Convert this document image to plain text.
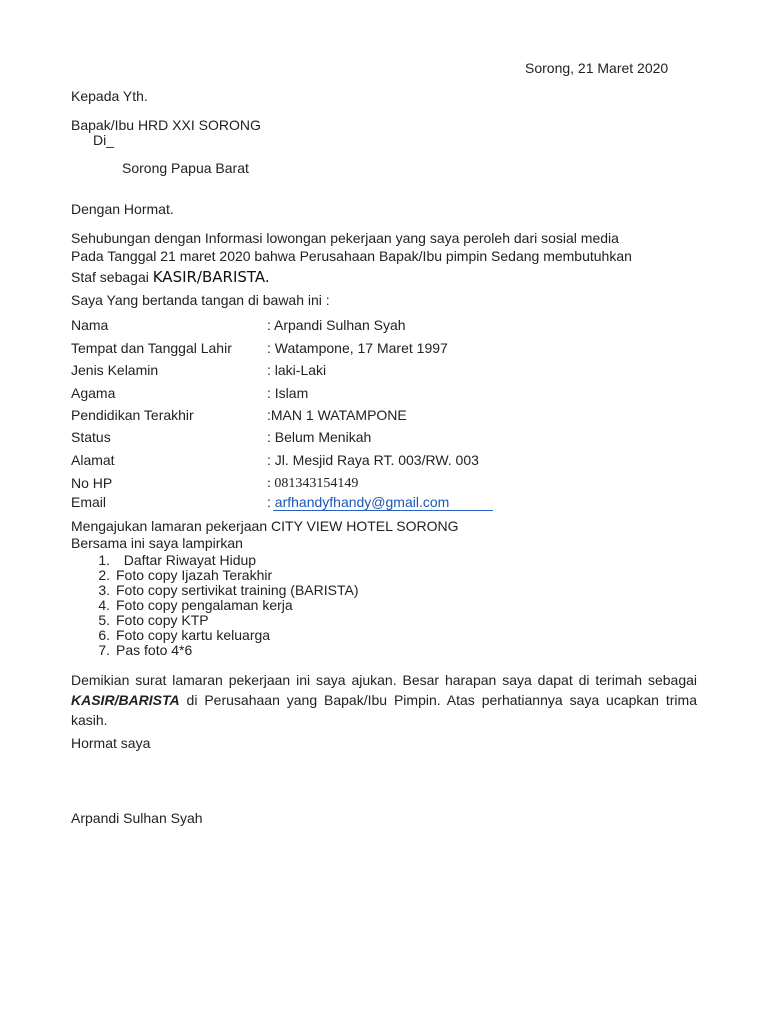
Sorong, 21 Maret 2020
Kepada Yth.
Bapak/Ibu HRD XXI SORONG
Di_
Sorong Papua Barat
Dengan Hormat.
Sehubungan dengan Informasi lowongan pekerjaan yang saya peroleh dari sosial media
Pada Tanggal 21 maret 2020 bahwa Perusahaan Bapak/Ibu pimpin Sedang membutuhkan
Staf sebagai KASIR/BARISTA.
Saya Yang bertanda tangan di bawah ini :
Nama	: Arpandi Sulhan Syah
Tempat dan Tanggal Lahir	: Watampone, 17 Maret 1997
Jenis Kelamin	: laki-Laki
Agama	: Islam
Pendidikan Terakhir	:MAN 1 WATAMPONE
Status	: Belum Menikah
Alamat	: Jl. Mesjid Raya RT. 003/RW. 003
No HP	: 081343154149
Email	: arfhandyfhandy@gmail.com
Mengajukan lamaran pekerjaan CITY VIEW HOTEL SORONG
Bersama ini saya lampirkan
1. Daftar Riwayat Hidup
2. Foto copy Ijazah Terakhir
3. Foto copy sertivikat training (BARISTA)
4. Foto copy pengalaman kerja
5. Foto copy KTP
6. Foto copy kartu keluarga
7. Pas foto 4*6
Demikian surat lamaran pekerjaan ini saya ajukan. Besar harapan saya dapat di terimah sebagai KASIR/BARISTA di Perusahaan yang Bapak/Ibu Pimpin. Atas perhatiannya saya ucapkan trima kasih.
Hormat saya
Arpandi Sulhan Syah
